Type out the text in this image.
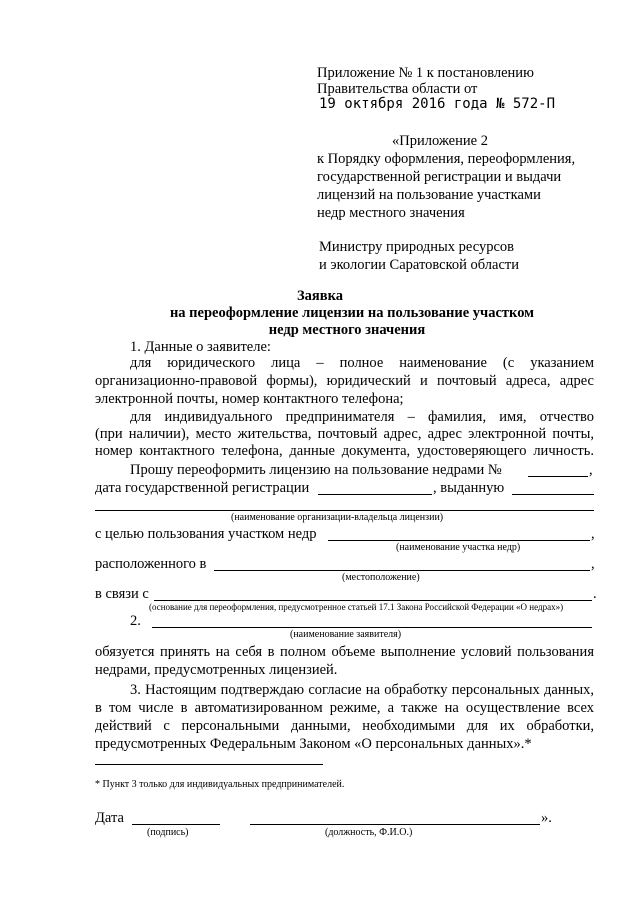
Приложение № 1 к постановлению
Правительства области от
19 октября 2016 года № 572-П
«Приложение 2
к Порядку оформления, переоформления,
государственной регистрации и выдачи
лицензий на пользование участками
недр местного значения
Министру природных ресурсов
и экологии Саратовской области
Заявка
на переоформление лицензии на пользование участком
недр местного значения
1. Данные о заявителе:
для юридического лица – полное наименование (с указанием
организационно-правовой формы), юридический и почтовый адреса, адрес
электронной почты, номер контактного телефона;
для индивидуального предпринимателя – фамилия, имя, отчество
(при наличии), место жительства, почтовый адрес, адрес электронной почты,
номер контактного телефона, данные документа, удостоверяющего личность.
Прошу переоформить лицензию на пользование недрами №	,
дата государственной регистрации	, выданную
(наименование организации-владельца лицензии)
с целью пользования участком недр	,
(наименование участка недр)
расположенного в	,
(местоположение)
в связи с	.
(основание для переоформления, предусмотренное статьей 17.1 Закона Российской Федерации «О недрах»)
2.
(наименование заявителя)
обязуется принять на себя в полном объеме выполнение условий пользования
недрами, предусмотренных лицензией.
3. Настоящим подтверждаю согласие на обработку персональных данных,
в том числе в автоматизированном режиме, а также на осуществление всех
действий с персональными данными, необходимыми для их обработки,
предусмотренных Федеральным Законом «О персональных данных».*
* Пункт 3 только для индивидуальных предпринимателей.
Дата	».
(подпись)	(должность, Ф.И.О.)
